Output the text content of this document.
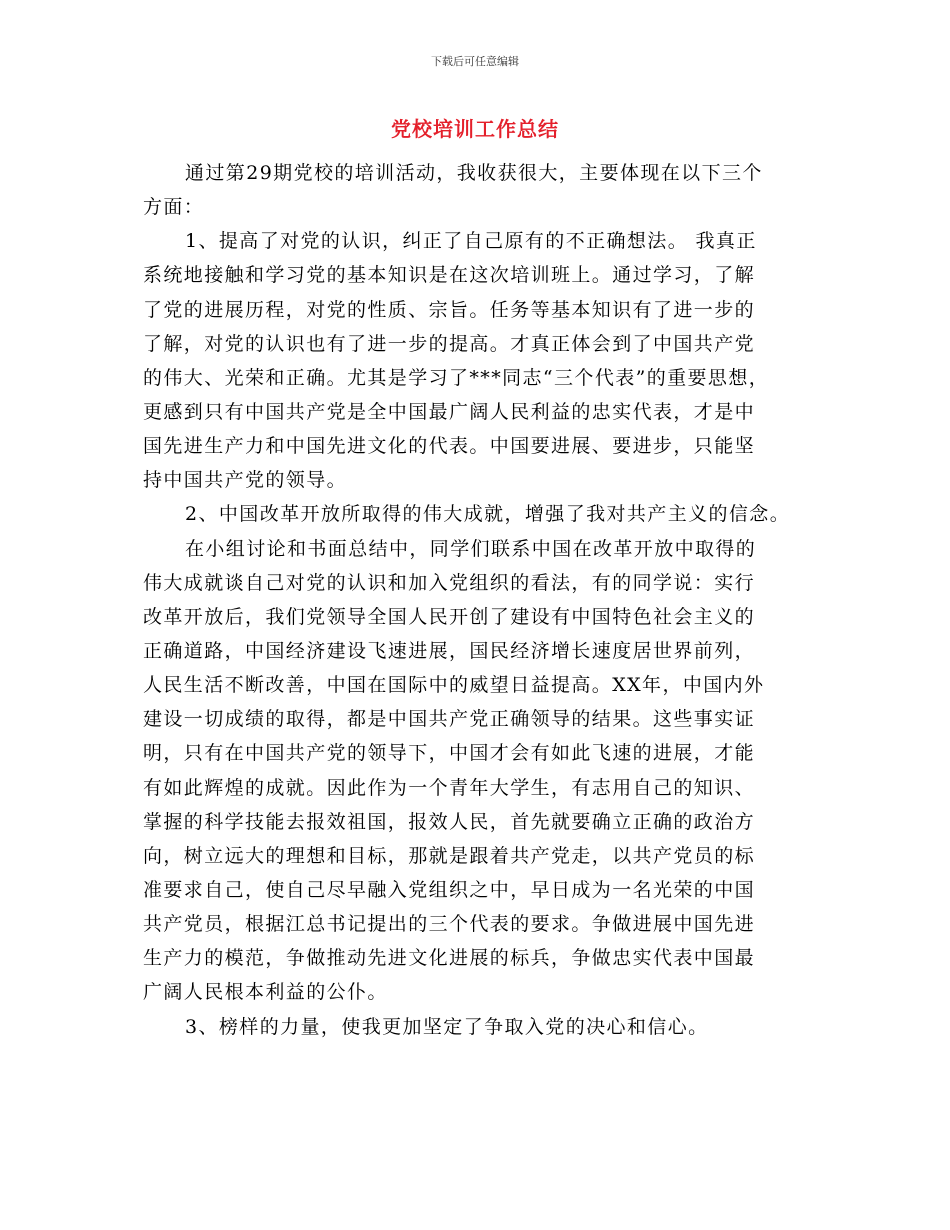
下载后可任意编辑
党校培训工作总结
通过第29期党校的培训活动，我收获很大，主要体现在以下三个
方面：
1、提高了对党的认识，纠正了自己原有的不正确想法。 我真正
系统地接触和学习党的基本知识是在这次培训班上。通过学习，了解
了党的进展历程，对党的性质、宗旨。任务等基本知识有了进一步的
了解，对党的认识也有了进一步的提高。才真正体会到了中国共产党
的伟大、光荣和正确。尤其是学习了***同志“三个代表”的重要思想，
更感到只有中国共产党是全中国最广阔人民利益的忠实代表，才是中
国先进生产力和中国先进文化的代表。中国要进展、要进步，只能坚
持中国共产党的领导。
2、中国改革开放所取得的伟大成就，增强了我对共产主义的信念。
在小组讨论和书面总结中，同学们联系中国在改革开放中取得的
伟大成就谈自己对党的认识和加入党组织的看法，有的同学说：实行
改革开放后，我们党领导全国人民开创了建设有中国特色社会主义的
正确道路，中国经济建设飞速进展，国民经济增长速度居世界前列，
人民生活不断改善，中国在国际中的威望日益提高。XX年，中国内外
建设一切成绩的取得，都是中国共产党正确领导的结果。这些事实证
明，只有在中国共产党的领导下，中国才会有如此飞速的进展，才能
有如此辉煌的成就。因此作为一个青年大学生，有志用自己的知识、
掌握的科学技能去报效祖国，报效人民，首先就要确立正确的政治方
向，树立远大的理想和目标，那就是跟着共产党走，以共产党员的标
准要求自己，使自己尽早融入党组织之中，早日成为一名光荣的中国
共产党员，根据江总书记提出的三个代表的要求。争做进展中国先进
生产力的模范，争做推动先进文化进展的标兵，争做忠实代表中国最
广阔人民根本利益的公仆。
3、榜样的力量，使我更加坚定了争取入党的决心和信心。
